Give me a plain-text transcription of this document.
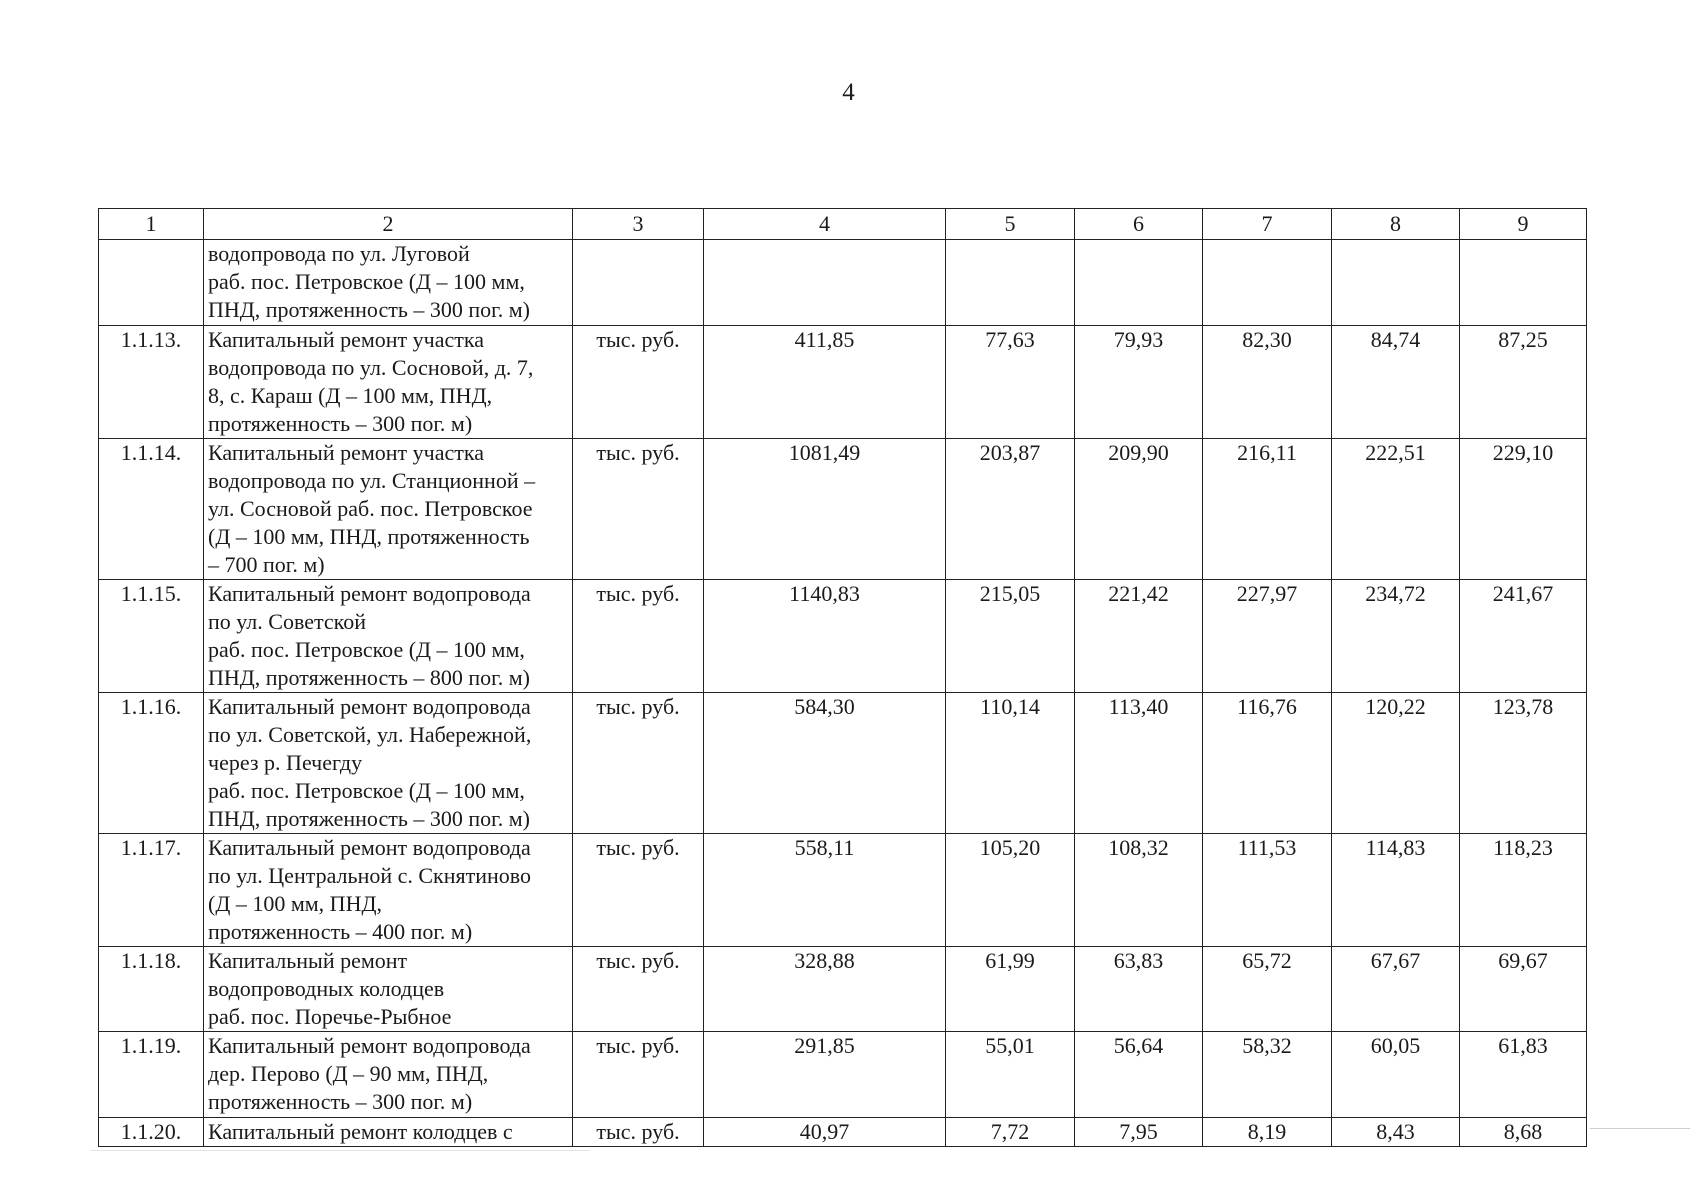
4
1	2	3	4	5	6	7	8	9
	водопровода по ул. Луговой
раб. пос. Петровское (Д – 100 мм,
ПНД, протяженность – 300 пог. м)							
1.1.13.	Капитальный ремонт участка
водопровода по ул. Сосновой, д. 7,
8, с. Караш (Д – 100 мм, ПНД,
протяженность – 300 пог. м)	тыс. руб.	411,85	77,63	79,93	82,30	84,74	87,25
1.1.14.	Капитальный ремонт участка
водопровода по ул. Станционной –
ул. Сосновой раб. пос. Петровское
(Д – 100 мм, ПНД, протяженность
– 700 пог. м)	тыс. руб.	1081,49	203,87	209,90	216,11	222,51	229,10
1.1.15.	Капитальный ремонт водопровода
по ул. Советской
раб. пос. Петровское (Д – 100 мм,
ПНД, протяженность – 800 пог. м)	тыс. руб.	1140,83	215,05	221,42	227,97	234,72	241,67
1.1.16.	Капитальный ремонт водопровода
по ул. Советской, ул. Набережной,
через р. Печегду
раб. пос. Петровское (Д – 100 мм,
ПНД, протяженность – 300 пог. м)	тыс. руб.	584,30	110,14	113,40	116,76	120,22	123,78
1.1.17.	Капитальный ремонт водопровода
по ул. Центральной с. Скнятиново
(Д – 100 мм, ПНД,
протяженность – 400 пог. м)	тыс. руб.	558,11	105,20	108,32	111,53	114,83	118,23
1.1.18.	Капитальный ремонт
водопроводных колодцев
раб. пос. Поречье-Рыбное	тыс. руб.	328,88	61,99	63,83	65,72	67,67	69,67
1.1.19.	Капитальный ремонт водопровода
дер. Перово (Д – 90 мм, ПНД,
протяженность – 300 пог. м)	тыс. руб.	291,85	55,01	56,64	58,32	60,05	61,83
1.1.20.	Капитальный ремонт колодцев с	тыс. руб.	40,97	7,72	7,95	8,19	8,43	8,68
